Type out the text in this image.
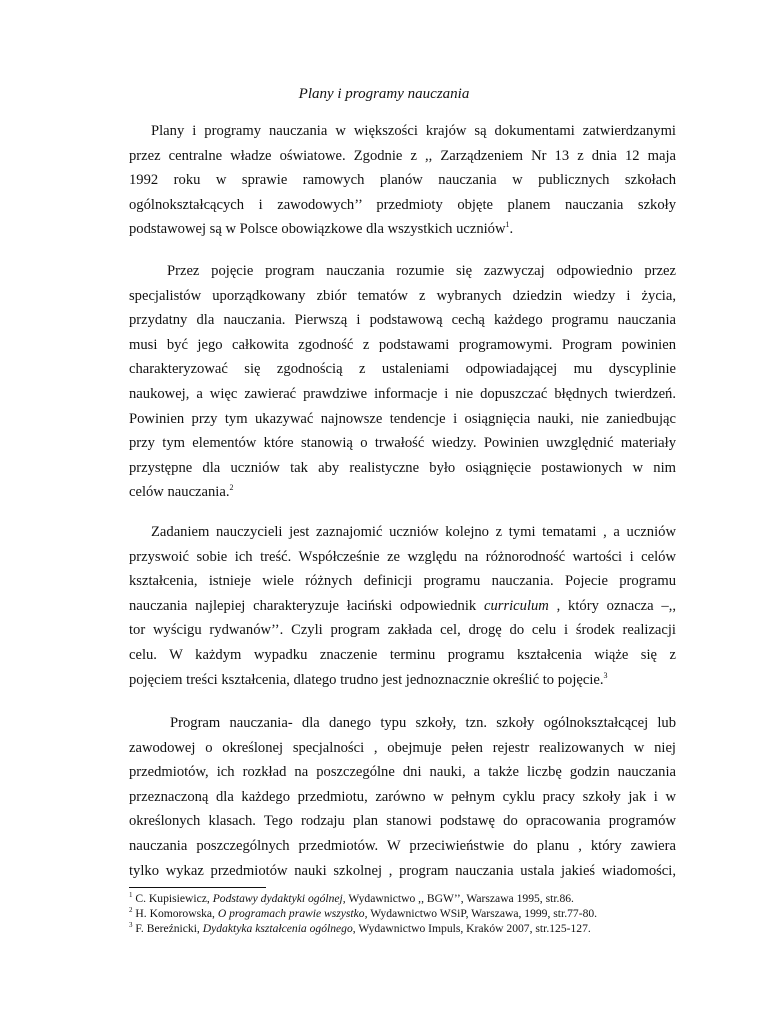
Plany i programy nauczania
Plany i programy nauczania w większości krajów są dokumentami zatwierdzanymi
przez centralne władze oświatowe. Zgodnie z ,, Zarządzeniem Nr 13 z dnia 12 maja
1992 roku w sprawie ramowych planów nauczania w publicznych szkołach
ogólnokształcących i zawodowych’’ przedmioty objęte planem nauczania szkoły
podstawowej są w Polsce obowiązkowe dla wszystkich uczniów$^1$.
Przez pojęcie program nauczania rozumie się zazwyczaj odpowiednio przez
specjalistów uporządkowany zbiór tematów z wybranych dziedzin wiedzy i życia,
przydatny dla nauczania. Pierwszą i podstawową cechą każdego programu nauczania
musi być jego całkowita zgodność z podstawami programowymi. Program powinien
charakteryzować się zgodnością z ustaleniami odpowiadającej mu dyscyplinie
naukowej, a więc zawierać prawdziwe informacje i nie dopuszczać błędnych twierdzeń.
Powinien przy tym ukazywać najnowsze tendencje i osiągnięcia nauki, nie zaniedbując
przy tym elementów które stanowią o trwałość wiedzy. Powinien uwzględnić materiały
przystępne dla uczniów tak aby realistyczne było osiągnięcie postawionych w nim
celów nauczania.$^2$
Zadaniem nauczycieli jest zaznajomić uczniów kolejno z tymi tematami , a uczniów
przyswoić sobie ich treść. Współcześnie ze względu na różnorodność wartości i celów
kształcenia, istnieje wiele różnych definicji programu nauczania. Pojecie programu
nauczania najlepiej charakteryzuje łaciński odpowiednik curriculum , który oznacza –,,
tor wyścigu rydwanów’’. Czyli program zakłada cel, drogę do celu i środek realizacji
celu. W każdym wypadku znaczenie terminu programu kształcenia wiąże się z
pojęciem treści kształcenia, dlatego trudno jest jednoznacznie określić to pojęcie.$^3$
Program nauczania- dla danego typu szkoły, tzn. szkoły ogólnokształcącej lub
zawodowej o określonej specjalności , obejmuje pełen rejestr realizowanych w niej
przedmiotów, ich rozkład na poszczególne dni nauki, a także liczbę godzin nauczania
przeznaczoną dla każdego przedmiotu, zarówno w pełnym cyklu pracy szkoły jak i w
określonych klasach. Tego rodzaju plan stanowi podstawę do opracowania programów
nauczania poszczególnych przedmiotów. W przeciwieństwie do planu , który zawiera
tylko wykaz przedmiotów nauki szkolnej , program nauczania ustala jakieś wiadomości,
$^1$ C. Kupisiewicz, Podstawy dydaktyki ogólnej, Wydawnictwo ,, BGW’’, Warszawa 1995, str.86.
$^2$ H. Komorowska, O programach prawie wszystko, Wydawnictwo WSiP, Warszawa, 1999, str.77-80.
$^3$ F. Bereźnicki, Dydaktyka kształcenia ogólnego, Wydawnictwo Impuls, Kraków 2007, str.125-127.
